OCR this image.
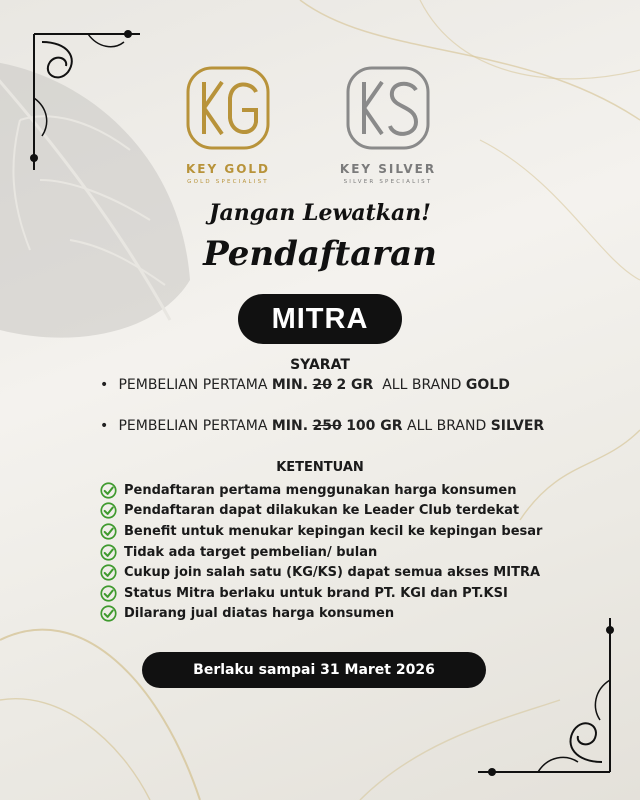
KEY GOLD
GOLD SPECIALIST
KEY SILVER
SILVER SPECIALIST
Jangan Lewatkan!
Pendaftaran
MITRA
SYARAT
• PEMBELIAN PERTAMA MIN. 20 2 GR ALL BRAND GOLD
• PEMBELIAN PERTAMA MIN. 250 100 GR ALL BRAND SILVER
KETENTUAN
Pendaftaran pertama menggunakan harga konsumen
Pendaftaran dapat dilakukan ke Leader Club terdekat
Benefit untuk menukar kepingan kecil ke kepingan besar
Tidak ada target pembelian/ bulan
Cukup join salah satu (KG/KS) dapat semua akses MITRA
Status Mitra berlaku untuk brand PT. KGI dan PT.KSI
Dilarang jual diatas harga konsumen
Berlaku sampai 31 Maret 2026
